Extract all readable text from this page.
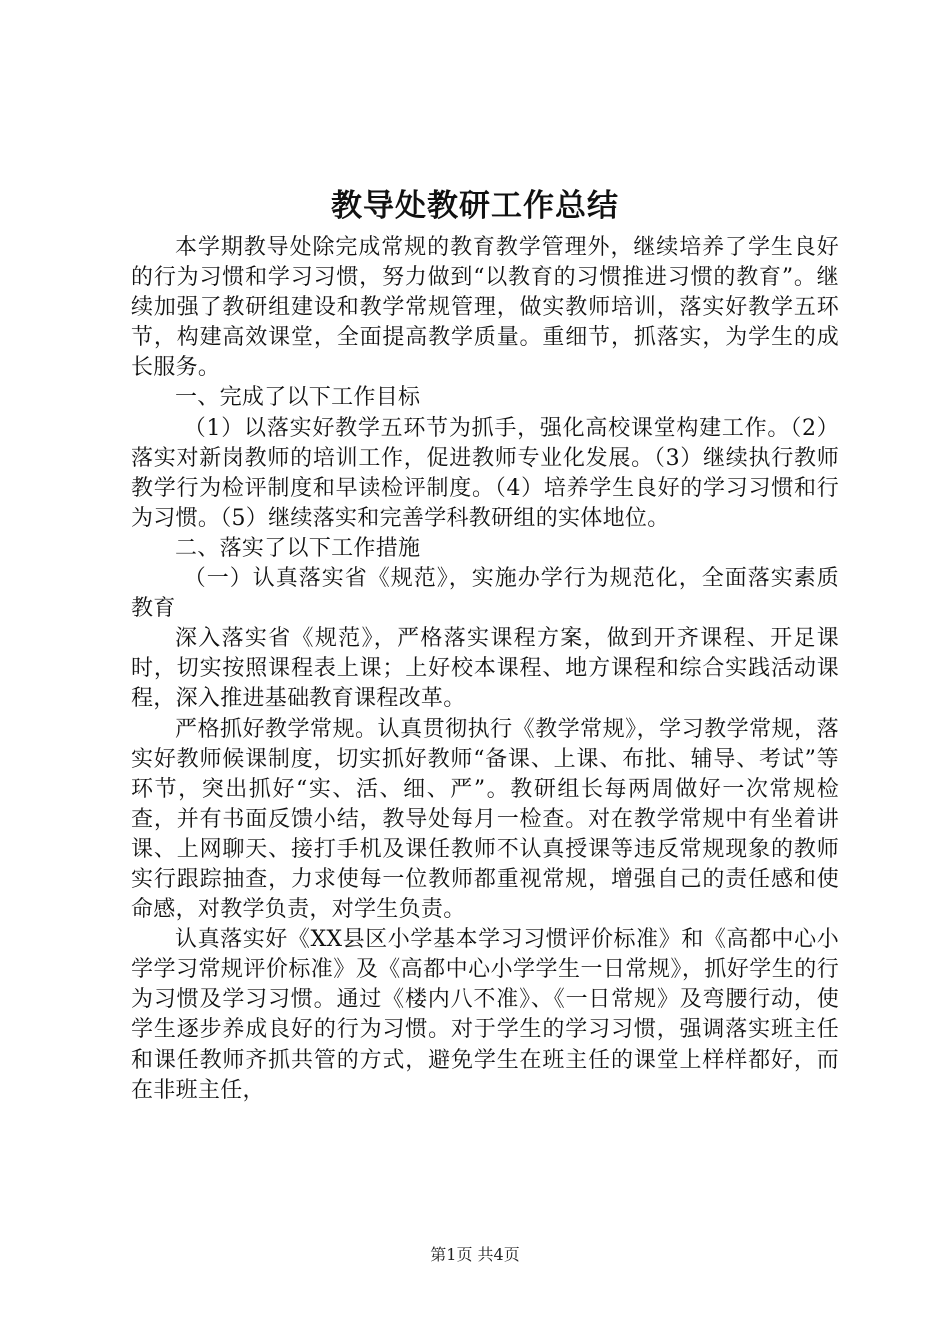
教导处教研工作总结

本学期教导处除完成常规的教育教学管理外，继续培养了学生良好的行为习惯和学习习惯，努力做到“以教育的习惯推进习惯的教育”。继续加强了教研组建设和教学常规管理，做实教师培训，落实好教学五环节，构建高效课堂，全面提高教学质量。重细节，抓落实，为学生的成长服务。

一、完成了以下工作目标

（1）以落实好教学五环节为抓手，强化高校课堂构建工作。（2）落实对新岗教师的培训工作，促进教师专业化发展。（3）继续执行教师教学行为检评制度和早读检评制度。（4）培养学生良好的学习习惯和行为习惯。（5）继续落实和完善学科教研组的实体地位。

二、落实了以下工作措施

（一）认真落实省《规范》，实施办学行为规范化，全面落实素质教育

深入落实省《规范》，严格落实课程方案，做到开齐课程、开足课时，切实按照课程表上课；上好校本课程、地方课程和综合实践活动课程，深入推进基础教育课程改革。

严格抓好教学常规。认真贯彻执行《教学常规》，学习教学常规，落实好教师候课制度，切实抓好教师“备课、上课、布批、辅导、考试”等环节，突出抓好“实、活、细、严”。教研组长每两周做好一次常规检查，并有书面反馈小结，教导处每月一检查。对在教学常规中有坐着讲课、上网聊天、接打手机及课任教师不认真授课等违反常规现象的教师实行跟踪抽查，力求使每一位教师都重视常规，增强自己的责任感和使命感，对教学负责，对学生负责。

认真落实好《XX县区小学基本学习习惯评价标准》和《高都中心小学学习常规评价标准》及《高都中心小学学生一日常规》，抓好学生的行为习惯及学习习惯。通过《楼内八不准》、《一日常规》及弯腰行动，使学生逐步养成良好的行为习惯。对于学生的学习习惯，强调落实班主任和课任教师齐抓共管的方式，避免学生在班主任的课堂上样样都好，而在非班主任，

第1页 共4页
